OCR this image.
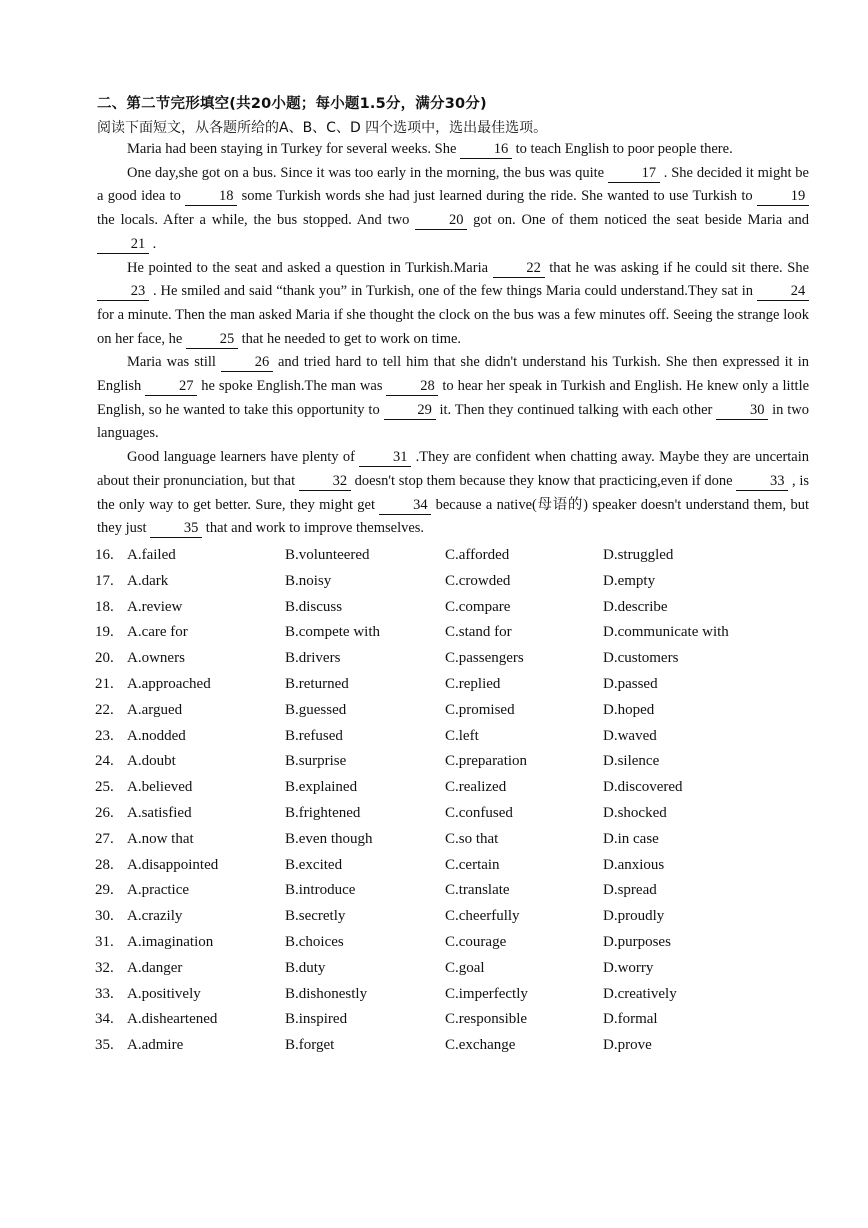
二、第二节完形填空(共20小题；每小题1.5分，满分30分)
阅读下面短文，从各题所给的A、B、C、D 四个选项中，选出最佳选项。

Maria had been staying in Turkey for several weeks. She	16 to teach English to poor people there.

One day,she got on a bus. Since it was too early in the morning, the bus was quite	17 . She decided it might be a good idea to	18 some Turkish words she had just learned during the ride. She wanted to use Turkish to	19 the locals. After a while, the bus stopped. And two	20 got on. One of them noticed the seat beside Maria and 21 .

He pointed to the seat and asked a question in Turkish.Maria	22 that he was asking if he could sit there. She 23 . He smiled and said “thank you” in Turkish, one of the few things Maria could understand.They sat in	24 for a minute. Then the man asked Maria if she thought the clock on the bus was a few minutes off. Seeing the strange look on her face, he	25 that he needed to get to work on time.

Maria was still	26 and tried hard to tell him that she didn't understand his Turkish. She then expressed it in English	27 he spoke English.The man was	28 to hear her speak in Turkish and English. He knew only a little English, so he wanted to take this opportunity to	29 it. Then they continued talking with each other	30 in two languages.

Good language learners have plenty of	31 .They are confident when chatting away. Maybe they are uncertain about their pronunciation, but that	32 doesn't stop them because they know that practicing,even if done	33 , is the only way to get better. Sure, they might get	34 because a native(母语的) speaker doesn't understand them, but they just	35 that and work to improve themselves.

16. A.failed	B.volunteered	C.afforded	D.struggled
17. A.dark	B.noisy	C.crowded	D.empty
18. A.review	B.discuss	C.compare	D.describe
19. A.care for	B.compete with	C.stand for	D.communicate with
20. A.owners	B.drivers	C.passengers	D.customers
21. A.approached	B.returned	C.replied	D.passed
22. A.argued	B.guessed	C.promised	D.hoped
23. A.nodded	B.refused	C.left	D.waved
24. A.doubt	B.surprise	C.preparation	D.silence
25. A.believed	B.explained	C.realized	D.discovered
26. A.satisfied	B.frightened	C.confused	D.shocked
27. A.now that	B.even though	C.so that	D.in case
28. A.disappointed	B.excited	C.certain	D.anxious
29. A.practice	B.introduce	C.translate	D.spread
30. A.crazily	B.secretly	C.cheerfully	D.proudly
31. A.imagination	B.choices	C.courage	D.purposes
32. A.danger	B.duty	C.goal	D.worry
33. A.positively	B.dishonestly	C.imperfectly	D.creatively
34. A.disheartened	B.inspired	C.responsible	D.formal
35. A.admire	B.forget	C.exchange	D.prove
